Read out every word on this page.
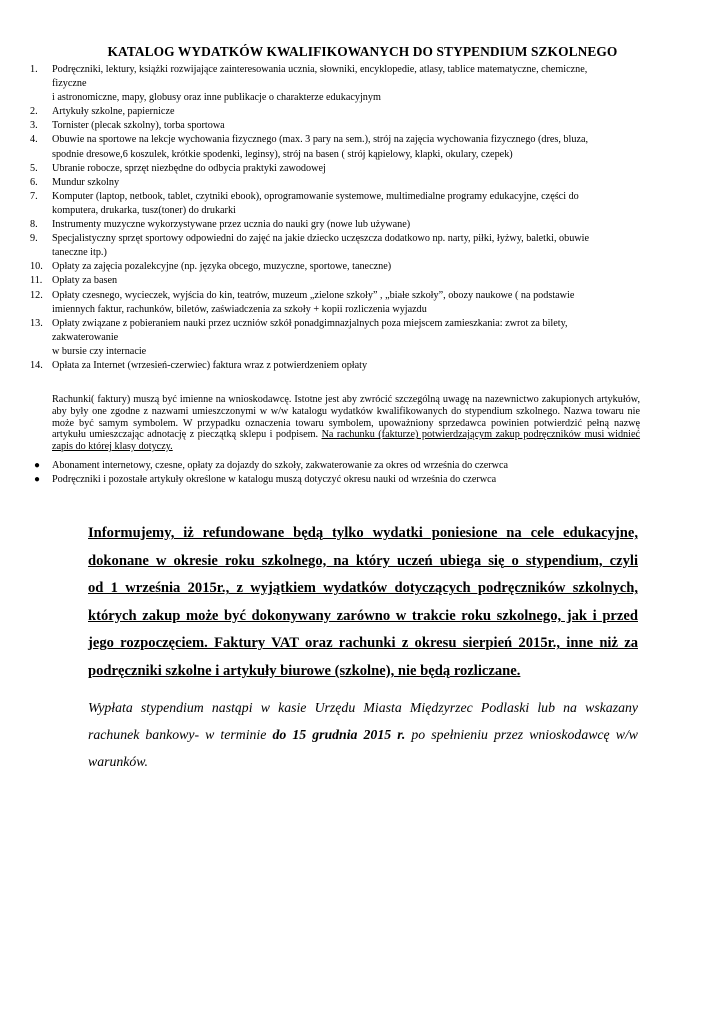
KATALOG WYDATKÓW KWALIFIKOWANYCH DO STYPENDIUM SZKOLNEGO
1. Podręczniki, lektury, książki rozwijające zainteresowania ucznia, słowniki, encyklopedie, atlasy, tablice matematyczne, chemiczne,
fizyczne
i astronomiczne, mapy, globusy oraz inne publikacje o charakterze edukacyjnym
2. Artykuły szkolne, papiernicze
3. Tornister (plecak szkolny), torba sportowa
4. Obuwie na sportowe na lekcje wychowania fizycznego (max. 3 pary na sem.), strój na zajęcia wychowania fizycznego (dres, bluza,
spodnie dresowe,6 koszulek, krótkie spodenki, leginsy), strój na basen ( strój kąpielowy, klapki, okulary, czepek)
5. Ubranie robocze, sprzęt niezbędne do odbycia praktyki zawodowej
6. Mundur szkolny
7. Komputer (laptop, netbook, tablet, czytniki ebook), oprogramowanie systemowe, multimedialne programy edukacyjne, części do
komputera, drukarka, tusz(toner) do drukarki
8. Instrumenty muzyczne wykorzystywane przez ucznia do nauki gry (nowe lub używane)
9. Specjalistyczny sprzęt sportowy odpowiedni do zajęć na jakie dziecko uczęszcza dodatkowo np. narty, piłki, łyżwy, baletki, obuwie
taneczne itp.)
10. Opłaty za zajęcia pozalekcyjne (np. języka obcego, muzyczne, sportowe, taneczne)
11. Opłaty za basen
12. Opłaty czesnego, wycieczek, wyjścia do kin, teatrów, muzeum „zielone szkoły” , „białe szkoły”, obozy naukowe ( na podstawie
imiennych faktur, rachunków, biletów, zaświadczenia za szkoły + kopii rozliczenia wyjazdu
13. Opłaty związane z pobieraniem nauki przez uczniów szkół ponadgimnazjalnych poza miejscem zamieszkania: zwrot za bilety,
zakwaterowanie
w bursie czy internacie
14. Opłata za Internet (wrzesień-czerwiec) faktura wraz z potwierdzeniem opłaty
Rachunki( faktury) muszą być imienne na wnioskodawcę. Istotne jest aby zwrócić szczególną uwagę na nazewnictwo zakupionych artykułów, aby były one zgodne z nazwami umieszczonymi w w/w katalogu wydatków kwalifikowanych do stypendium szkolnego. Nazwa towaru nie może być samym symbolem. W przypadku oznaczenia towaru symbolem, upoważniony sprzedawca powinien potwierdzić pełną nazwę artykułu umieszczając adnotację z pieczątką sklepu i podpisem. Na rachunku (fakturze) potwierdzającym zakup podręczników musi widnieć zapis do której klasy dotyczy.
● Abonament internetowy, czesne, opłaty za dojazdy do szkoły, zakwaterowanie za okres od września do czerwca
● Podręczniki i pozostałe artykuły określone w katalogu muszą dotyczyć okresu nauki od września do czerwca
Informujemy, iż refundowane będą tylko wydatki poniesione na cele edukacyjne,
dokonane w okresie roku szkolnego, na który uczeń ubiega się o stypendium, czyli
od 1 września 2015r., z wyjątkiem wydatków dotyczących podręczników szkolnych,
których zakup może być dokonywany zarówno w trakcie roku szkolnego, jak i przed
jego rozpoczęciem. Faktury VAT oraz rachunki z okresu sierpień 2015r., inne niż za
podręczniki szkolne i artykuły biurowe (szkolne), nie będą rozliczane.
Wypłata stypendium nastąpi w kasie Urzędu Miasta Międzyrzec Podlaski lub na wskazany
rachunek bankowy- w terminie do 15 grudnia 2015 r. po spełnieniu przez wnioskodawcę w/w
warunków.
